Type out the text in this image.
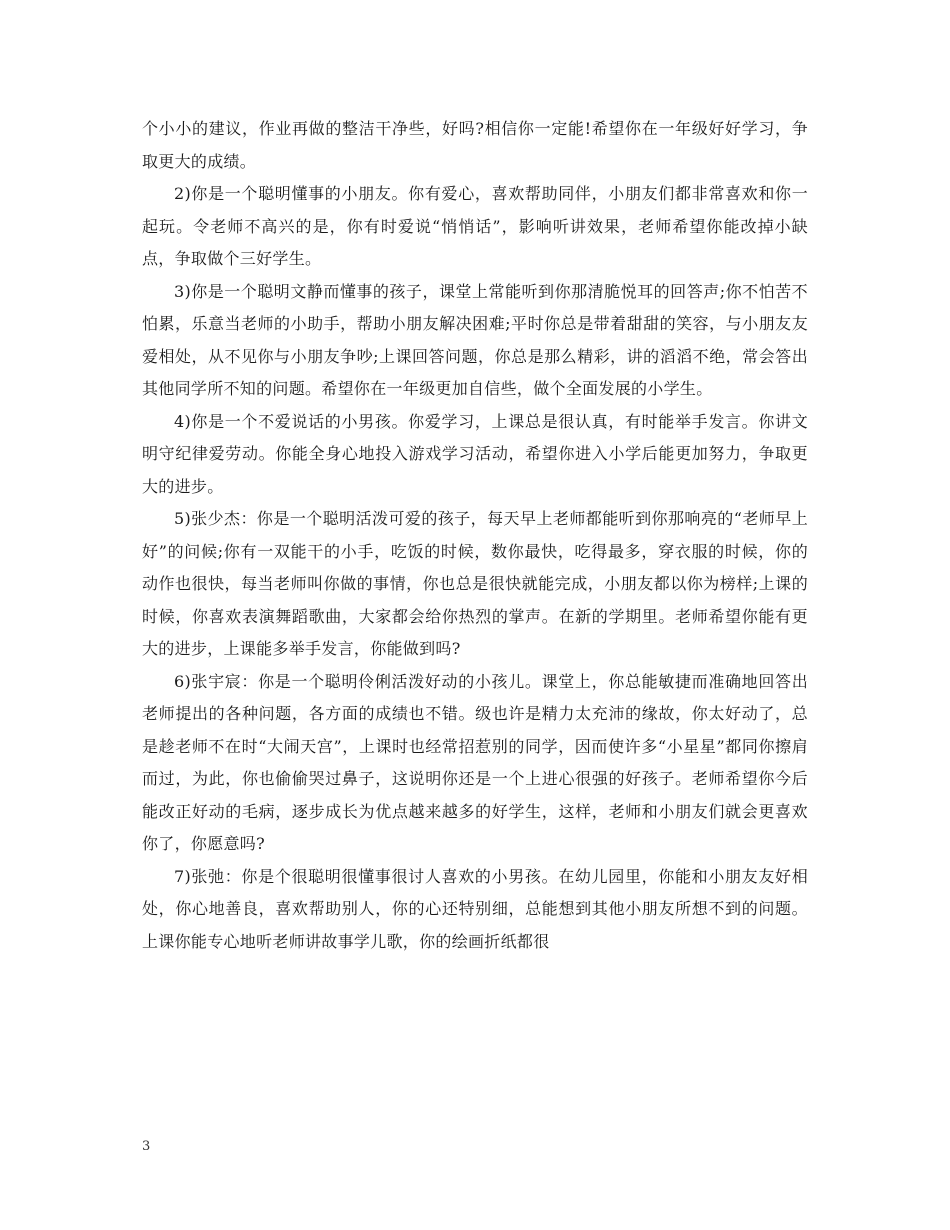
个小小的建议，作业再做的整洁干净些，好吗?相信你一定能!希望你在一年级好好学习，争取更大的成绩。

2)你是一个聪明懂事的小朋友。你有爱心，喜欢帮助同伴，小朋友们都非常喜欢和你一起玩。令老师不高兴的是，你有时爱说“悄悄话”，影响听讲效果，老师希望你能改掉小缺点，争取做个三好学生。

3)你是一个聪明文静而懂事的孩子，课堂上常能听到你那清脆悦耳的回答声;你不怕苦不怕累，乐意当老师的小助手，帮助小朋友解决困难;平时你总是带着甜甜的笑容，与小朋友友爱相处，从不见你与小朋友争吵;上课回答问题，你总是那么精彩，讲的滔滔不绝，常会答出其他同学所不知的问题。希望你在一年级更加自信些，做个全面发展的小学生。

4)你是一个不爱说话的小男孩。你爱学习，上课总是很认真，有时能举手发言。你讲文明守纪律爱劳动。你能全身心地投入游戏学习活动，希望你进入小学后能更加努力，争取更大的进步。

5)张少杰：你是一个聪明活泼可爱的孩子，每天早上老师都能听到你那响亮的“老师早上好”的问候;你有一双能干的小手，吃饭的时候，数你最快，吃得最多，穿衣服的时候，你的动作也很快，每当老师叫你做的事情，你也总是很快就能完成，小朋友都以你为榜样;上课的时候，你喜欢表演舞蹈歌曲，大家都会给你热烈的掌声。在新的学期里。老师希望你能有更大的进步，上课能多举手发言，你能做到吗?

6)张宇宸：你是一个聪明伶俐活泼好动的小孩儿。课堂上，你总能敏捷而准确地回答出老师提出的各种问题，各方面的成绩也不错。级也许是精力太充沛的缘故，你太好动了，总是趁老师不在时“大闹天宫”，上课时也经常招惹别的同学，因而使许多“小星星”都同你擦肩而过，为此，你也偷偷哭过鼻子，这说明你还是一个上进心很强的好孩子。老师希望你今后能改正好动的毛病，逐步成长为优点越来越多的好学生，这样，老师和小朋友们就会更喜欢你了，你愿意吗?

7)张弛：你是个很聪明很懂事很讨人喜欢的小男孩。在幼儿园里，你能和小朋友友好相处，你心地善良，喜欢帮助别人，你的心还特别细，总能想到其他小朋友所想不到的问题。上课你能专心地听老师讲故事学儿歌，你的绘画折纸都很

3
